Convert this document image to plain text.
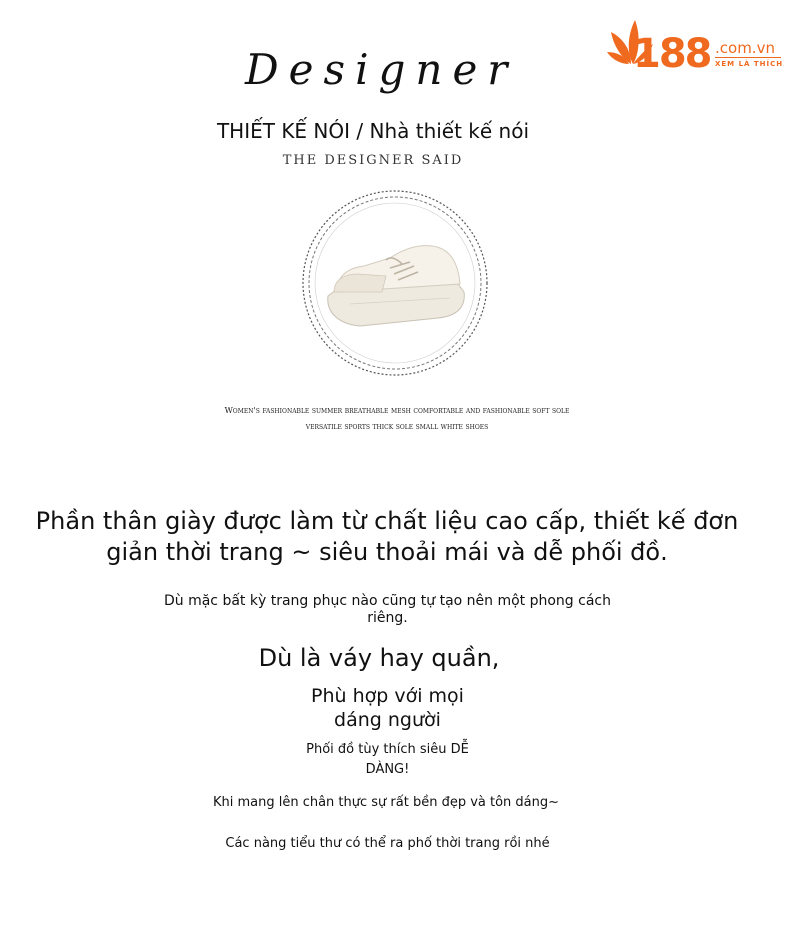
188 .com.vn
XEM LÀ THÍCH
Designer
THIẾT KẾ NÓI / Nhà thiết kế nói
THE DESIGNER SAID
Women's fashionable summer breathable mesh comfortable and fashionable soft sole
versatile sports thick sole small white shoes
Phần thân giày được làm từ chất liệu cao cấp, thiết kế đơn giản thời trang ~ siêu thoải mái và dễ phối đồ.
Dù mặc bất kỳ trang phục nào cũng tự tạo nên một phong cách riêng.
Dù là váy hay quần,
Phù hợp với mọi dáng người
Phối đồ tùy thích siêu DỄ DÀNG!
Khi mang lên chân thực sự rất bền đẹp và tôn dáng~
Các nàng tiểu thư có thể ra phố thời trang rồi nhé
